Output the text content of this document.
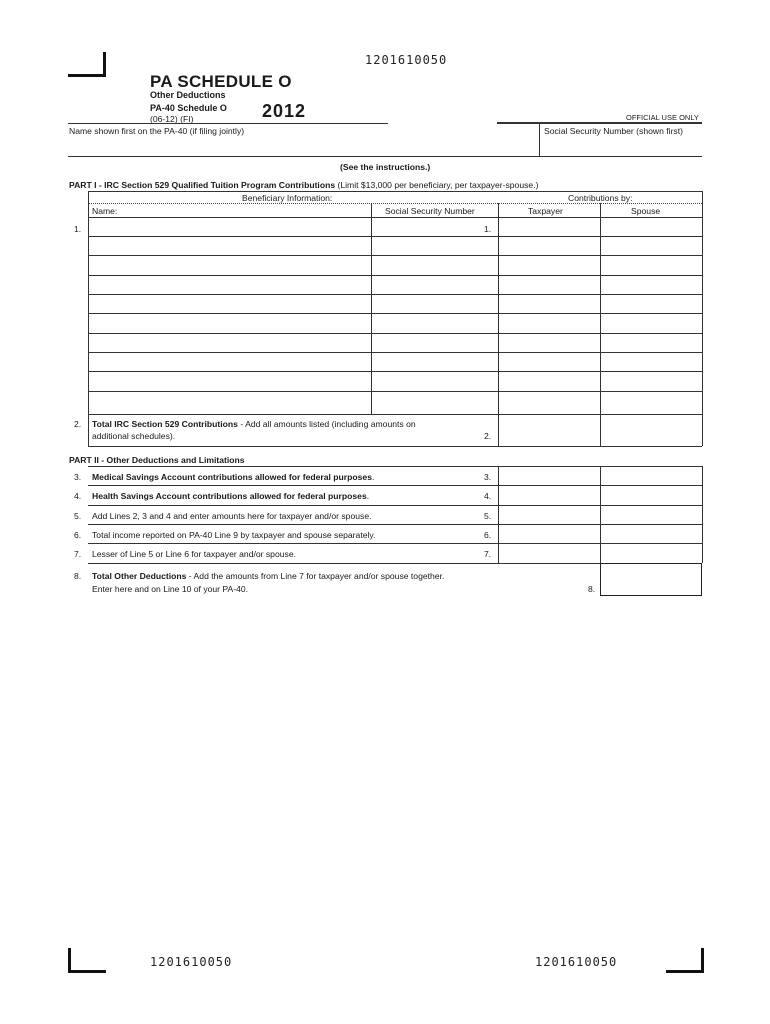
1201610050
1201610050	1201610050
PA SCHEDULE O
Other Deductions
PA-40 Schedule O
(06-12) (FI)	2012	OFFICIAL USE ONLY
Name shown first on the PA-40 (if filing jointly)	Social Security Number (shown first)
(See the instructions.)
PART I - IRC Section 529 Qualified Tuition Program Contributions (Limit $13,000 per beneficiary, per taxpayer-spouse.)
Beneficiary Information:	Contributions by:
Name:	Social Security Number	Taxpayer	Spouse
1.	1.
2. Total IRC Section 529 Contributions - Add all amounts listed (including amounts on
additional schedules).	2.
PART II - Other Deductions and Limitations
3. Medical Savings Account contributions allowed for federal purposes.	3.
4. Health Savings Account contributions allowed for federal purposes.	4.
5. Add Lines 2, 3 and 4 and enter amounts here for taxpayer and/or spouse.	5.
6. Total income reported on PA-40 Line 9 by taxpayer and spouse separately.	6.
7. Lesser of Line 5 or Line 6 for taxpayer and/or spouse.	7.
8. Total Other Deductions - Add the amounts from Line 7 for taxpayer and/or spouse together.
Enter here and on Line 10 of your PA-40.	8.
